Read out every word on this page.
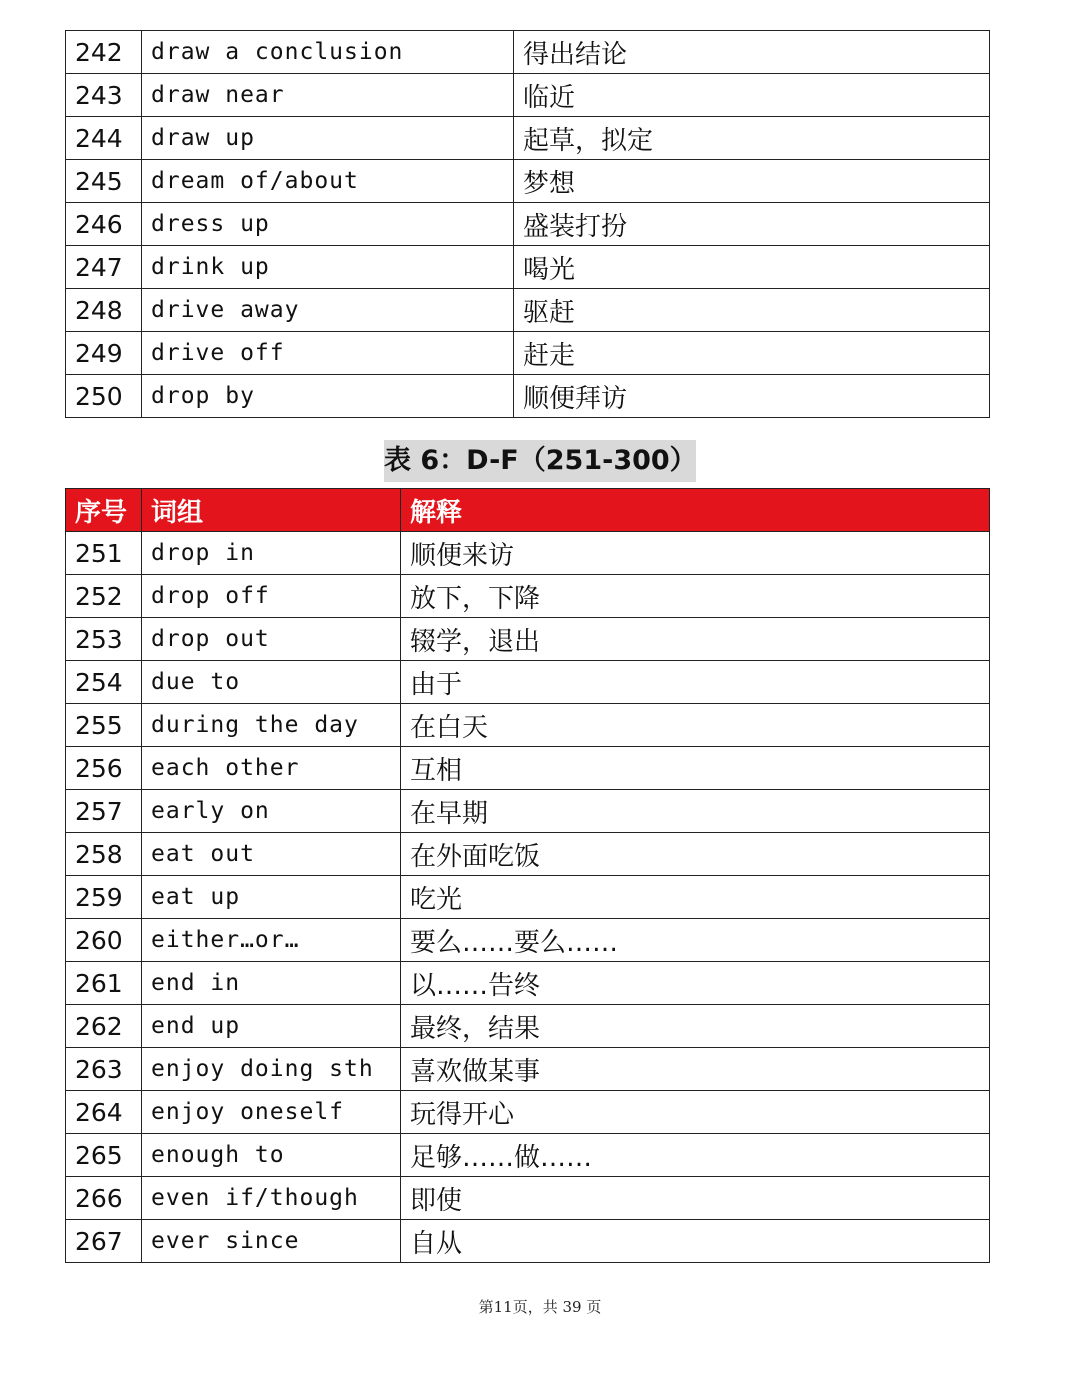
242	draw a conclusion	得出结论
243	draw near	临近
244	draw up	起草，拟定
245	dream of/about	梦想
246	dress up	盛装打扮
247	drink up	喝光
248	drive away	驱赶
249	drive off	赶走
250	drop by	顺便拜访
表 6：D-F（251-300）
序号	词组	解释
251	drop in	顺便来访
252	drop off	放下，下降
253	drop out	辍学，退出
254	due to	由于
255	during the day	在白天
256	each other	互相
257	early on	在早期
258	eat out	在外面吃饭
259	eat up	吃光
260	either…or…	要么……要么……
261	end in	以……告终
262	end up	最终，结果
263	enjoy doing sth	喜欢做某事
264	enjoy oneself	玩得开心
265	enough to	足够……做……
266	even if/though	即使
267	ever since	自从
第11页，共 39 页
